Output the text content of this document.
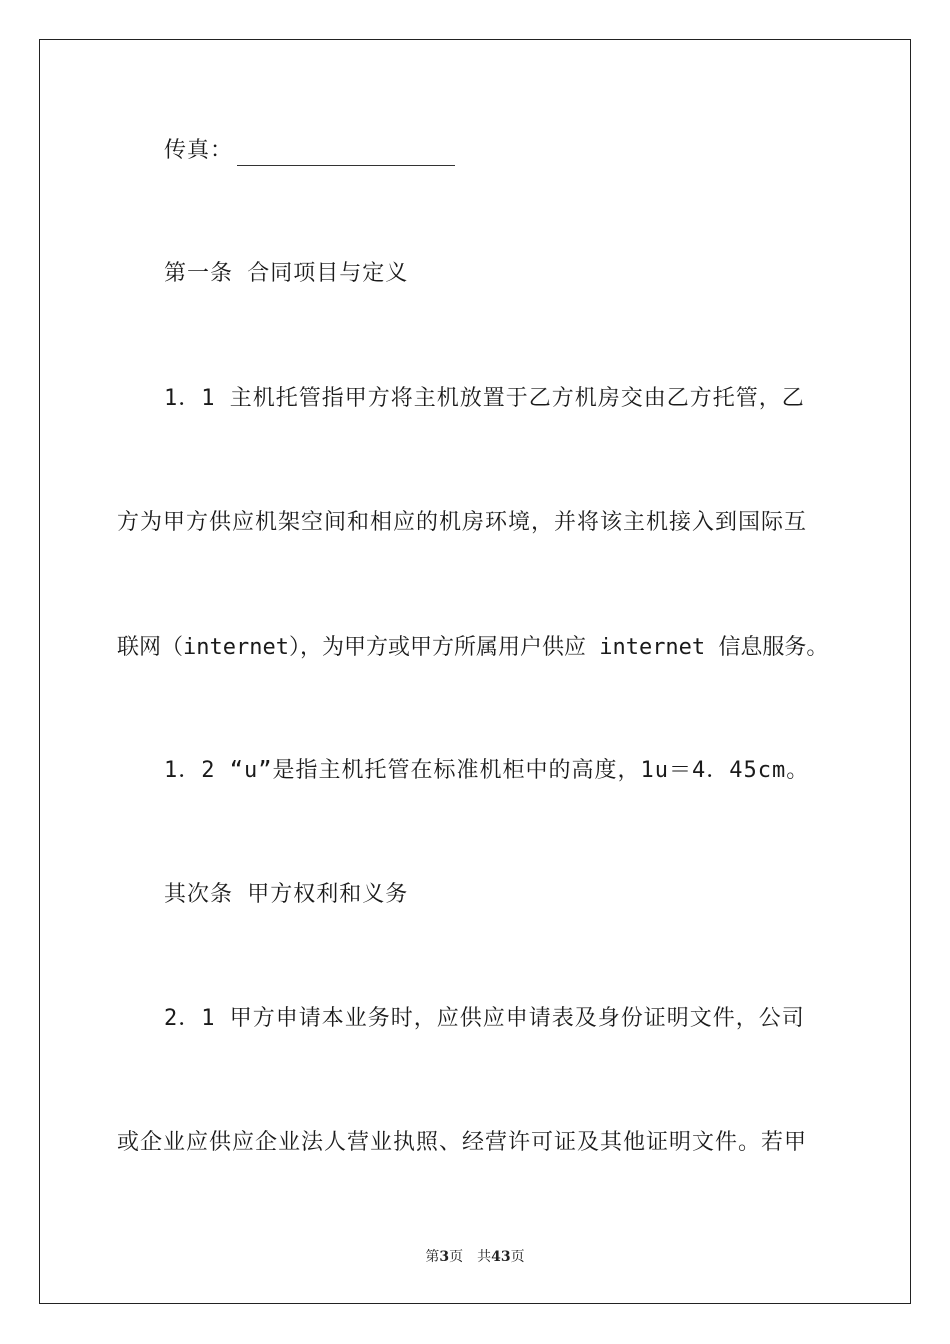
传真：
第一条 合同项目与定义
1．1 主机托管指甲方将主机放置于乙方机房交由乙方托管，乙
方为甲方供应机架空间和相应的机房环境，并将该主机接入到国际互
联网（internet），为甲方或甲方所属用户供应 internet 信息服务。
1．2 “u”是指主机托管在标准机柜中的高度，1u＝4．45cm。
其次条 甲方权利和义务
2．1 甲方申请本业务时，应供应申请表及身份证明文件，公司
或企业应供应企业法人营业执照、经营许可证及其他证明文件。若甲
第3页 共43页
